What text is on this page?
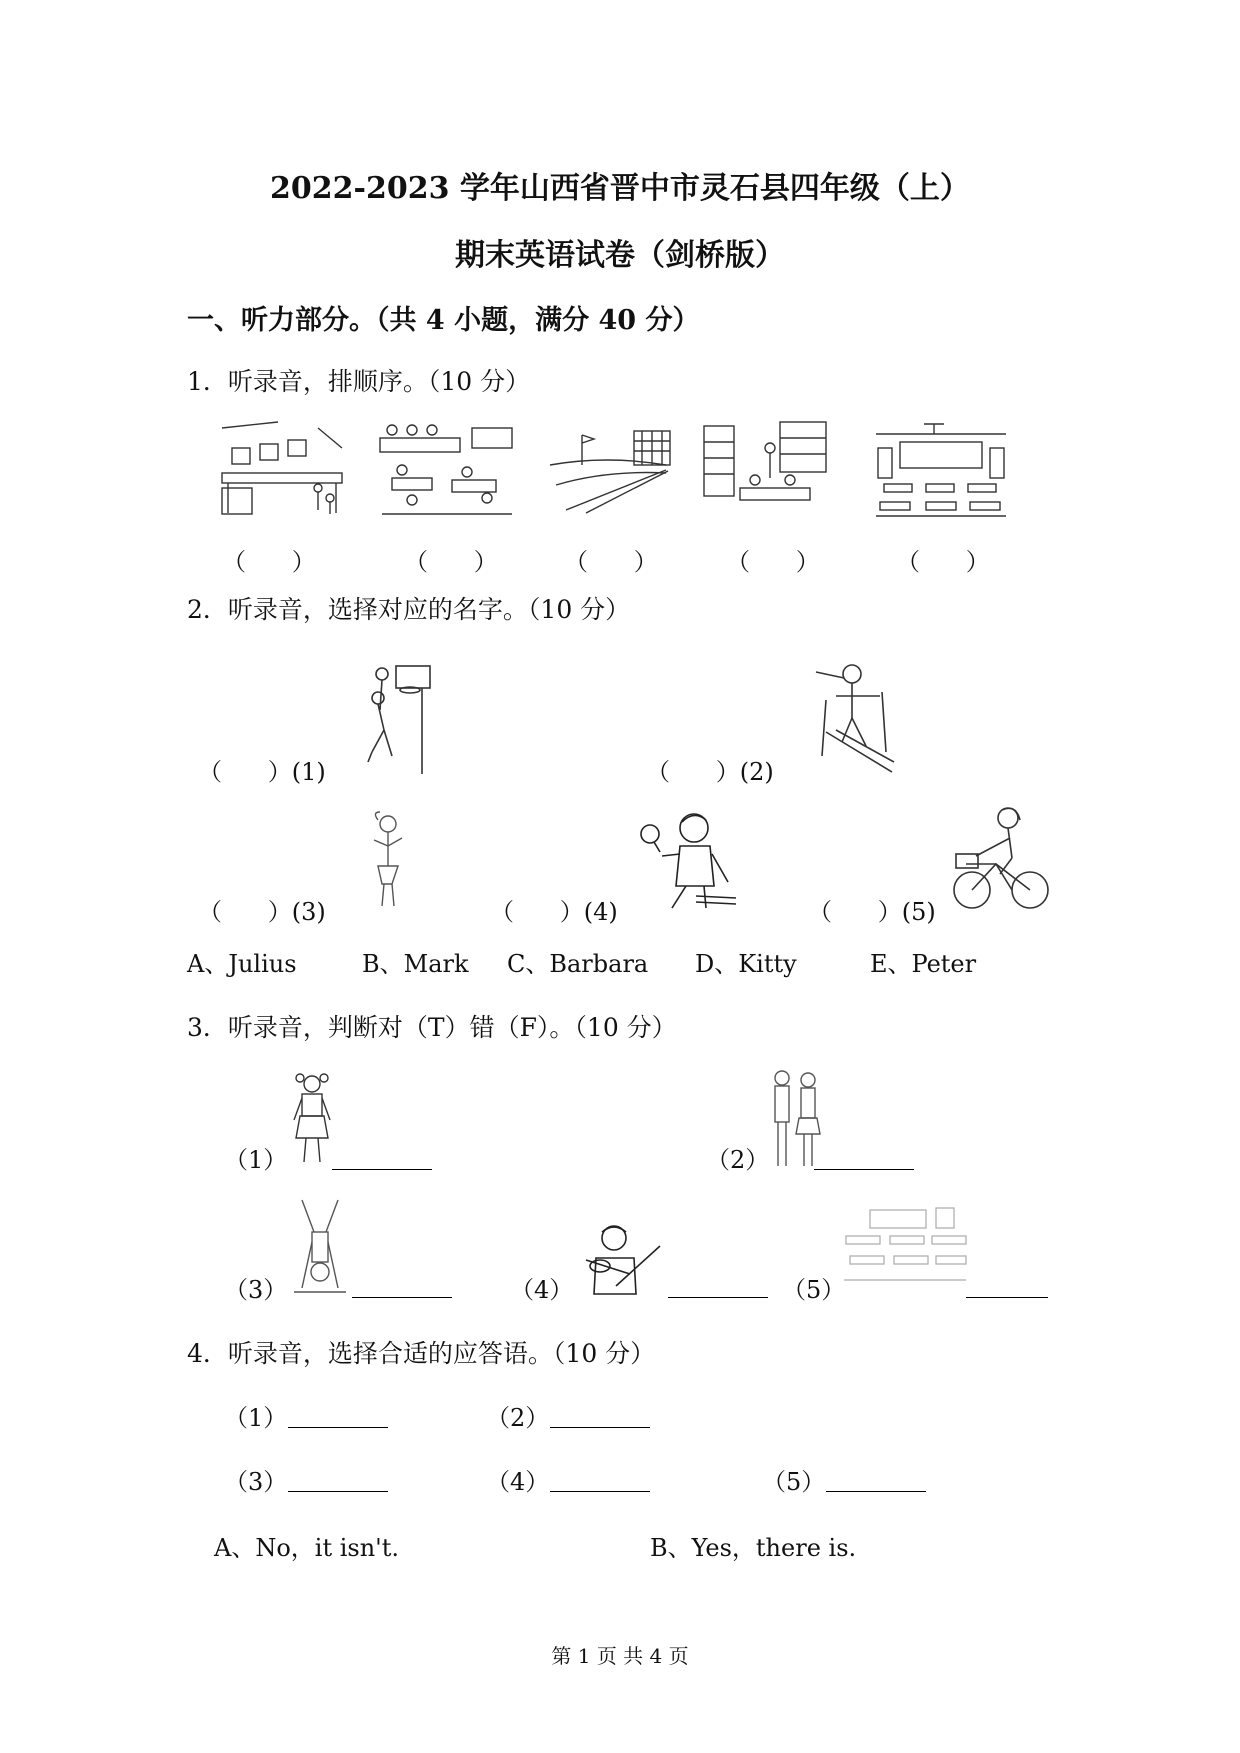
2022-2023 学年山西省晋中市灵石县四年级（上）
期末英语试卷（剑桥版）
一、听力部分。（共 4 小题，满分 40 分）
1．听录音，排顺序。（10 分）
（      ）	（      ）	（      ）	（      ）	（      ）
2．听录音，选择对应的名字。（10 分）
（      ）(1)	（      ）(2)
（      ）(3)	（      ）(4)	（      ）(5)
A、Julius	B、Mark C、Barbara D、Kitty	E、Peter
3．听录音，判断对（T）错（F）。（10 分）
（1）	（2）
（3）	（4）	（5）
4．听录音，选择合适的应答语。（10 分）
（1）	（2）
（3）	（4）	（5）
A、No，it isn't.	B、Yes，there is.
第 1 页 共 4 页
